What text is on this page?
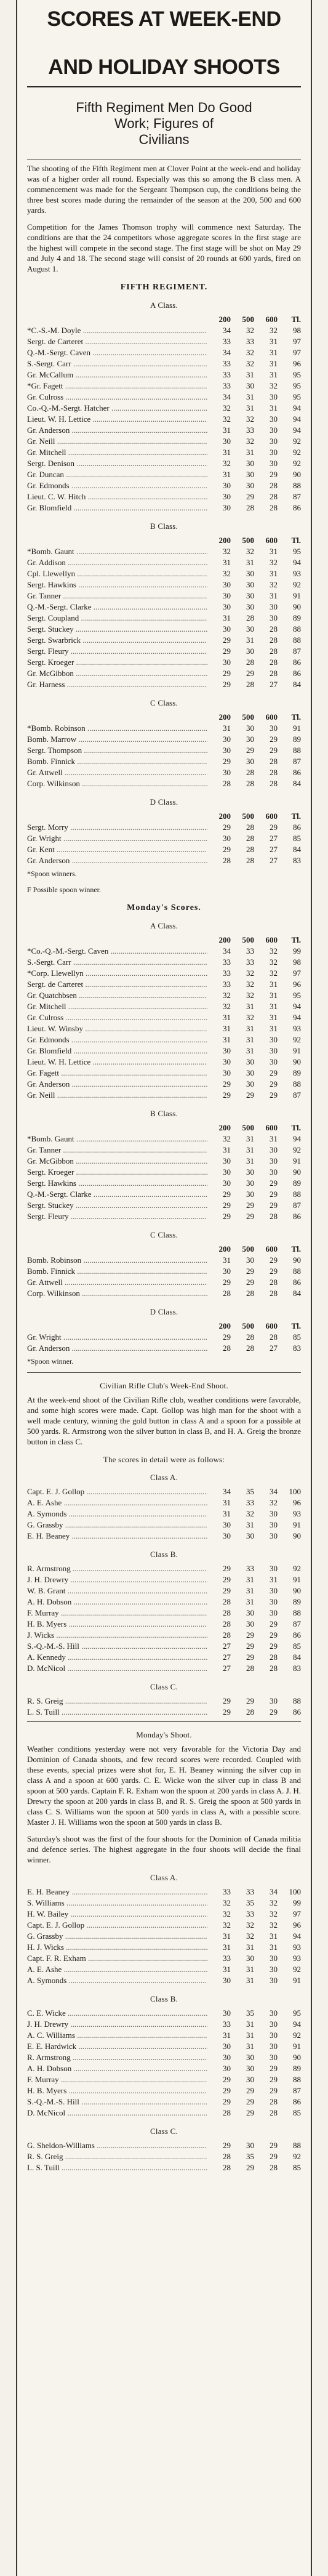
SCORES AT WEEK-END
AND HOLIDAY SHOOTS
Fifth Regiment Men Do Good
Work; Figures of
Civilians

The shooting of the Fifth Regiment men at Clover Point at the week-end and holiday was of a higher order all round. Especially was this so among the B class men. A commencement was made for the Sergeant Thompson cup, the conditions being the three best scores made during the remainder of the season at the 200, 500 and 600 yards.

Competition for the James Thomson trophy will commence next Saturday. The conditions are that the 24 competitors whose aggregate scores in the first stage are the highest will compete in the second stage. The first stage will be shot on May 29 and July 4 and 18. The second stage will consist of 20 rounds at 600 yards, fired on August 1.

FIFTH REGIMENT.
A Class.
200	500	600	Tl.
*C.-S.-M. Doyle .....	34	32	32	98
Sergt. de Carteret .....	33	33	31	97
Q.-M.-Sergt. Caven .....	34	32	31	97
S.-Sergt. Carr .....	33	32	31	96
Gr. McCallum .....	33	31	31	95
*Gr. Fagett .....	33	30	32	95
Gr. Culross .....	34	31	30	95
Co.-Q.-M.-Sergt. Hatcher .....	32	31	31	94
Lieut. W. H. Lettice .....	32	32	30	94
Gr. Anderson .....	31	33	30	94
Gr. Neill .....	30	32	30	92
Gr. Mitchell .....	31	31	30	92
Sergt. Denison .....	32	30	30	92
Gr. Duncan .....	31	30	29	90
Gr. Edmonds .....	30	30	28	88
Lieut. C. W. Hitch .....	30	29	28	87
Gr. Blomfield .....	30	28	28	86
B Class.
200	500	600	Tl.
*Bomb. Gaunt .....	32	32	31	95
Gr. Addison .....	31	31	32	94
Cpl. Llewellyn .....	32	30	31	93
Sergt. Hawkins .....	30	30	32	92
Gr. Tanner .....	30	30	31	91
Q.-M.-Sergt. Clarke .....	30	30	30	90
Sergt. Coupland .....	31	28	30	89
Sergt. Stuckey .....	30	30	28	88
Sergt. Swarbrick .....	29	31	28	88
Sergt. Fleury .....	29	30	28	87
Sergt. Kroeger .....	30	28	28	86
Gr. McGibbon .....	29	29	28	86
Gr. Harness .....	29	28	27	84
C Class.
200	500	600	Tl.
*Bomb. Robinson .....	31	30	30	91
Bomb. Marrow .....	30	30	29	89
Sergt. Thompson .....	30	29	29	88
Bomb. Finnick .....	29	30	28	87
Gr. Attwell .....	30	28	28	86
Corp. Wilkinson .....	28	28	28	84
D Class.
200	500	600	Tl.
Sergt. Morry .....	29	28	29	86
Gr. Wright .....	30	28	27	85
Gr. Kent .....	29	28	27	84
Gr. Anderson .....	28	28	27	83
*Spoon winners.
F Possible spoon winner.
Monday's Scores.
A Class.
200	500	600	Tl.
*Co.-Q.-M.-Sergt. Caven .....	34	33	32	99
S.-Sergt. Carr .....	33	33	32	98
*Corp. Llewellyn .....	33	32	32	97
Sergt. de Carteret .....	33	32	31	96
Gr. Quatchbsen .....	32	32	31	95
Gr. Mitchell .....	32	31	31	94
Gr. Culross .....	31	32	31	94
Lieut. W. Winsby .....	31	31	31	93
Gr. Edmonds .....	31	31	30	92
Gr. Blomfield .....	30	31	30	91
Lieut. W. H. Lettice .....	30	30	30	90
Gr. Fagett .....	30	30	29	89
Gr. Anderson .....	29	30	29	88
Gr. Neill .....	29	29	29	87
B Class.
200	500	600	Tl.
*Bomb. Gaunt .....	32	31	31	94
Gr. Tanner .....	31	31	30	92
Gr. McGibbon .....	30	31	30	91
Sergt. Kroeger .....	30	30	30	90
Sergt. Hawkins .....	30	30	29	89
Q.-M.-Sergt. Clarke .....	29	30	29	88
Sergt. Stuckey .....	29	29	29	87
Sergt. Fleury .....	29	29	28	86
C Class.
200	500	600	Tl.
Bomb. Robinson .....	31	30	29	90
Bomb. Finnick .....	30	29	29	88
Gr. Attwell .....	29	29	28	86
Corp. Wilkinson .....	28	28	28	84
D Class.
200	500	600	Tl.
Gr. Wright .....	29	28	28	85
Gr. Anderson .....	28	28	27	83
*Spoon winner.
Civilian Rifle Club's Week-End Shoot.

At the week-end shoot of the Civilian Rifle club, weather conditions were favorable, and some high scores were made. Capt. Gollop was high man for the shoot with a well made century, winning the gold button in class A and a spoon for a possible at 500 yards. R. Armstrong won the silver button in class B, and H. A. Greig the bronze button in class C.

The scores in detail were as follows:
Class A.
Capt. E. J. Gollop .....	34	35	34	100
A. E. Ashe .....	31	33	32	96
A. Symonds .....	31	32	30	93
G. Grassby .....	30	31	30	91
E. H. Beaney .....	30	30	30	90
Class B.
R. Armstrong .....	29	33	30	92
J. H. Drewry .....	29	31	31	91
W. B. Grant .....	29	31	30	90
A. H. Dobson .....	28	31	30	89
F. Murray .....	28	30	30	88
H. B. Myers .....	28	30	29	87
J. Wicks .....	28	29	29	86
S.-Q.-M.-S. Hill .....	27	29	29	85
A. Kennedy .....	27	29	28	84
D. McNicol .....	27	28	28	83
Class C.
R. S. Greig .....	29	29	30	88
L. S. Tuill .....	29	28	29	86
Monday's Shoot.

Weather conditions yesterday were not very favorable for the Victoria Day and Dominion of Canada shoots, and few record scores were recorded. Coupled with these events, special prizes were shot for, E. H. Beaney winning the silver cup in class A and a spoon at 600 yards. C. E. Wicke won the silver cup in class B and spoon at 500 yards. Captain F. R. Exham won the spoon at 200 yards in class A. J. H. Drewry the spoon at 200 yards in class B, and R. S. Greig the spoon at 500 yards in class C. S. Williams won the spoon at 500 yards in class A, with a possible score. Master J. H. Williams won the spoon at 500 yards in class B.

Saturday's shoot was the first of the four shoots for the Dominion of Canada militia and defence series. The highest aggregate in the four shoots will decide the final winner.

Class A.
E. H. Beaney .....	33	33	34	100
S. Williams .....	32	35	32	99
H. W. Bailey .....	32	33	32	97
Capt. E. J. Gollop .....	32	32	32	96
G. Grassby .....	31	32	31	94
H. J. Wicks .....	31	31	31	93
Capt. F. R. Exham .....	33	30	30	93
A. E. Ashe .....	31	31	30	92
A. Symonds .....	30	31	30	91
Class B.
C. E. Wicke .....	30	35	30	95
J. H. Drewry .....	33	31	30	94
A. C. Williams .....	31	31	30	92
E. E. Hardwick .....	30	31	30	91
R. Armstrong .....	30	30	30	90
A. H. Dobson .....	30	30	29	89
F. Murray .....	29	30	29	88
H. B. Myers .....	29	29	29	87
S.-Q.-M.-S. Hill .....	29	29	28	86
D. McNicol .....	28	29	28	85
Class C.
G. Sheldon-Williams .....	29	30	29	88
R. S. Greig .....	28	35	29	92
L. S. Tuill .....	28	29	28	85
